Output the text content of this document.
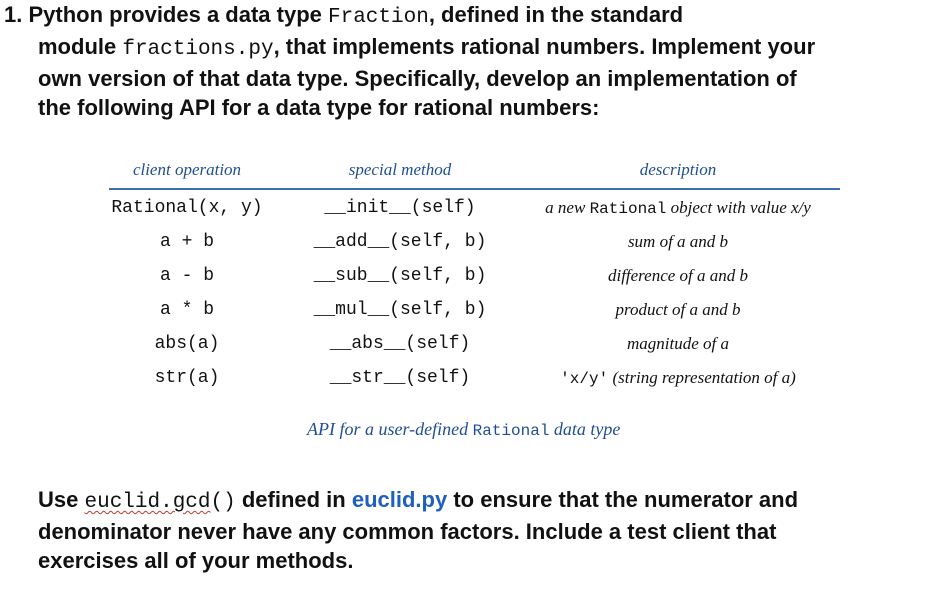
1. Python provides a data type Fraction, defined in the standard
module fractions.py, that implements rational numbers. Implement your
own version of that data type. Specifically, develop an implementation of
the following API for a data type for rational numbers:
client operation	special method	description
Rational(x, y)	__init__(self)	a new Rational object with value x/y
a + b	__add__(self, b)	sum of a and b
a - b	__sub__(self, b)	difference of a and b
a * b	__mul__(self, b)	product of a and b
abs(a)	__abs__(self)	magnitude of a
str(a)	__str__(self)	'x/y' (string representation of a)
API for a user-defined Rational data type
Use euclid.gcd() defined in euclid.py to ensure that the numerator and
denominator never have any common factors. Include a test client that
exercises all of your methods.
